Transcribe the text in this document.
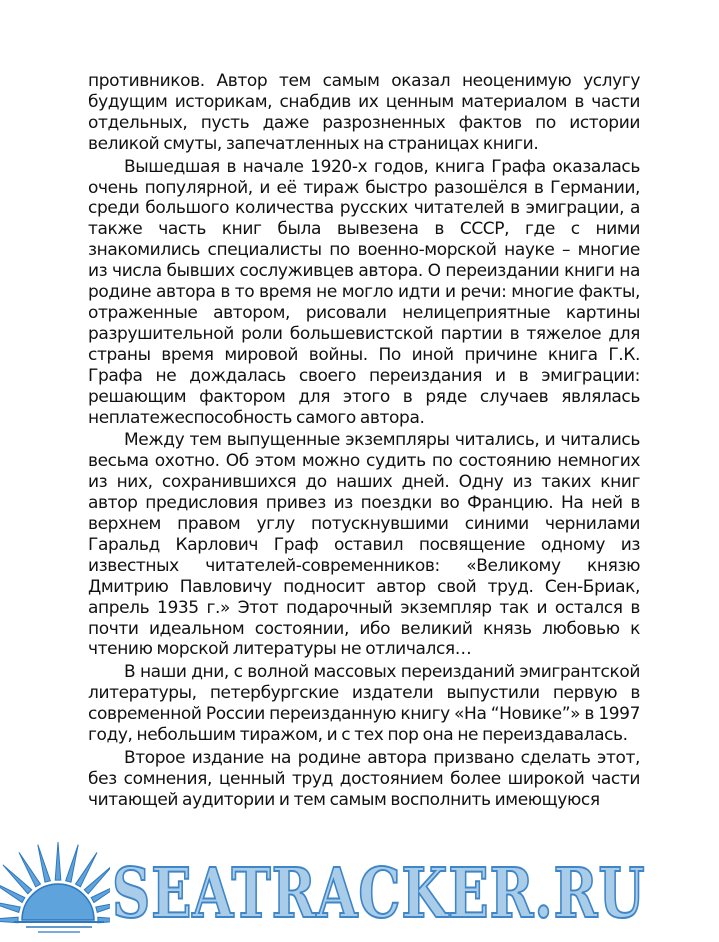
противников. Автор тем самым оказал неоценимую услугу будущим историкам, снабдив их ценным материалом в части отдельных, пусть даже разрозненных фактов по истории великой смуты, запечатленных на страницах книги.

Вышедшая в начале 1920-х годов, книга Графа оказалась очень популярной, и её тираж быстро разошёлся в Германии, среди большого количества русских читателей в эмиграции, а также часть книг была вывезена в СССР, где с ними знакомились специалисты по военно-морской науке – многие из числа бывших сослуживцев автора. О переиздании книги на родине автора в то время не могло идти и речи: многие факты, отраженные автором, рисовали нелицеприятные картины разрушительной роли большевистской партии в тяжелое для страны время мировой войны. По иной причине книга Г.К. Графа не дождалась своего переиздания и в эмиграции: решающим фактором для этого в ряде случаев являлась неплатежеспособность самого автора.

Между тем выпущенные экземпляры читались, и читались весьма охотно. Об этом можно судить по состоянию немногих из них, сохранившихся до наших дней. Одну из таких книг автор предисловия привез из поездки во Францию. На ней в верхнем правом углу потускнувшими синими чернилами Гаральд Карлович Граф оставил посвящение одному из известных читателей-современников: «Великому князю Дмитрию Павловичу подносит автор свой труд. Сен-Бриак, апрель 1935 г.» Этот подарочный экземпляр так и остался в почти идеальном состоянии, ибо великий князь любовью к чтению морской литературы не отличался…

В наши дни, с волной массовых переизданий эмигрантской литературы, петербургские издатели выпустили первую в современной России переизданную книгу «На “Новике”» в 1997 году, небольшим тиражом, и с тех пор она не переиздавалась.

Второе издание на родине автора призвано сделать этот, без сомнения, ценный труд достоянием более широкой части читающей аудитории и тем самым восполнить имеющуюся

SEATRACKER.RU
